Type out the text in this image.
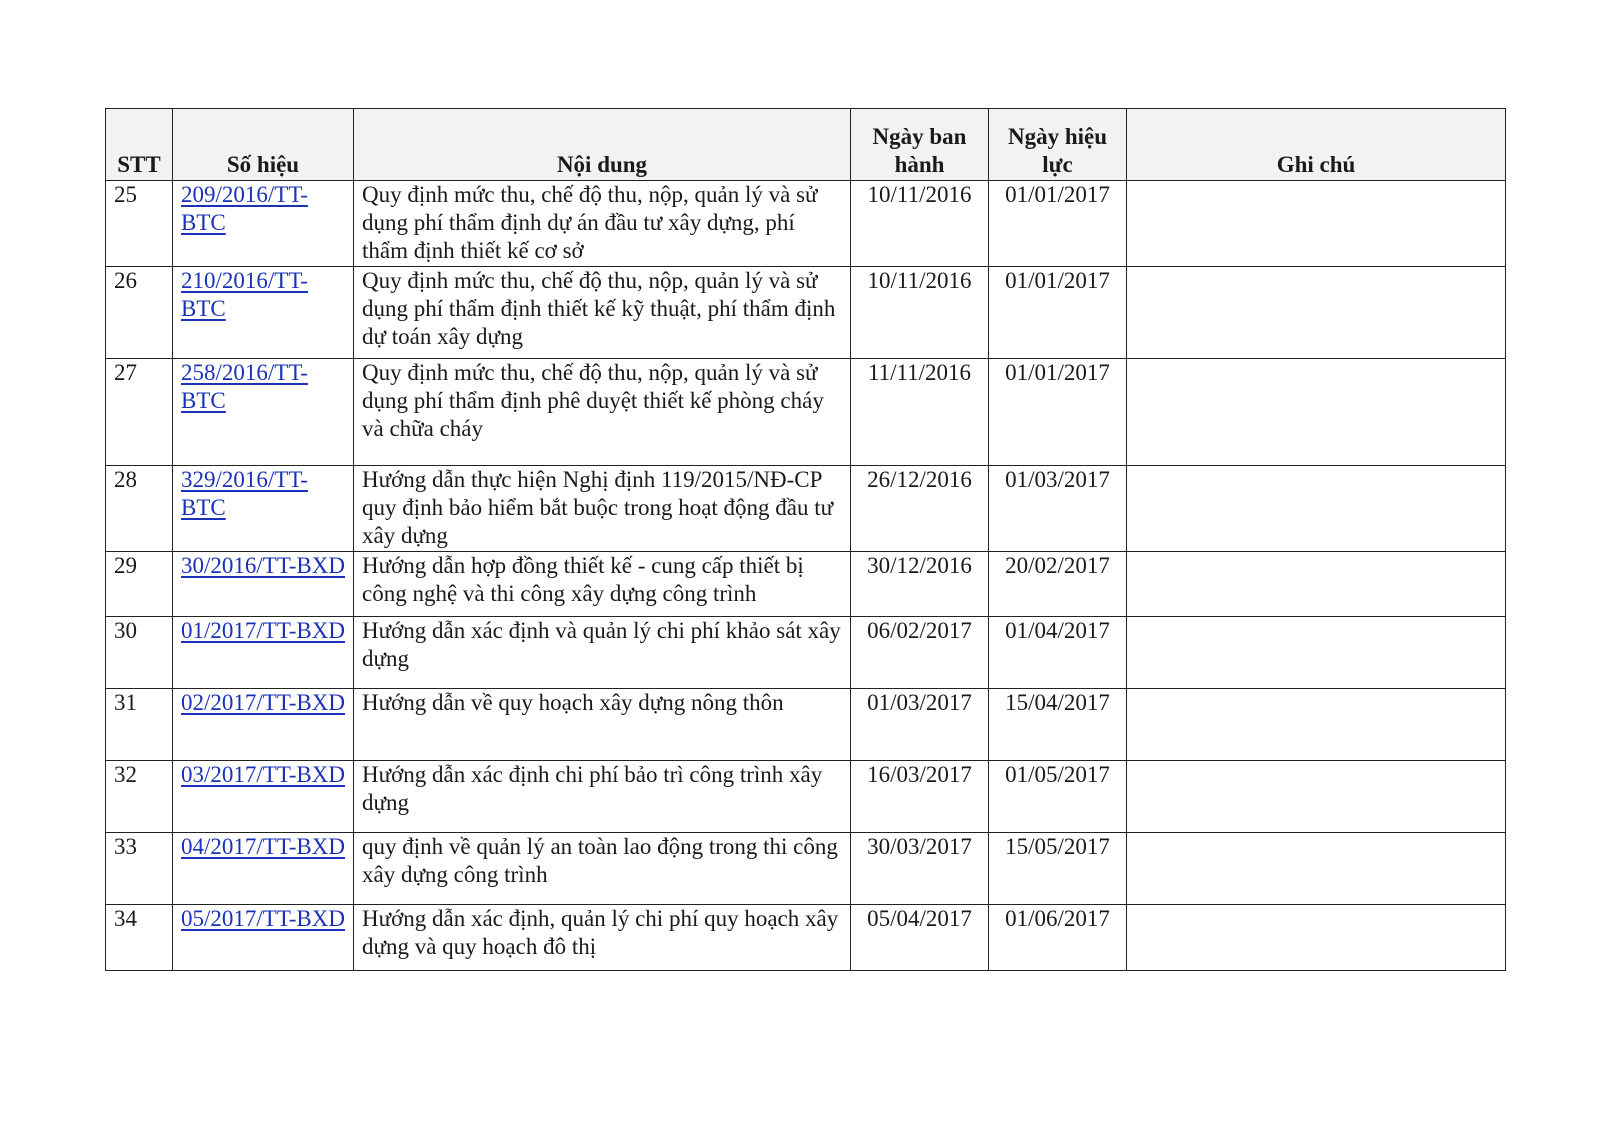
STT	Số hiệu	Nội dung	Ngày ban hành	Ngày hiệu lực	Ghi chú
25	209/2016/TT-BTC	Quy định mức thu, chế độ thu, nộp, quản lý và sử dụng phí thẩm định dự án đầu tư xây dựng, phí thẩm định thiết kế cơ sở	10/11/2016	01/01/2017	
26	210/2016/TT-BTC	Quy định mức thu, chế độ thu, nộp, quản lý và sử dụng phí thẩm định thiết kế kỹ thuật, phí thẩm định dự toán xây dựng	10/11/2016	01/01/2017	
27	258/2016/TT-BTC	Quy định mức thu, chế độ thu, nộp, quản lý và sử dụng phí thẩm định phê duyệt thiết kế phòng cháy và chữa cháy	11/11/2016	01/01/2017	
28	329/2016/TT-BTC	Hướng dẫn thực hiện Nghị định 119/2015/NĐ-CP quy định bảo hiểm bắt buộc trong hoạt động đầu tư xây dựng	26/12/2016	01/03/2017	
29	30/2016/TT-BXD	Hướng dẫn hợp đồng thiết kế - cung cấp thiết bị công nghệ và thi công xây dựng công trình	30/12/2016	20/02/2017	
30	01/2017/TT-BXD	Hướng dẫn xác định và quản lý chi phí khảo sát xây dựng	06/02/2017	01/04/2017	
31	02/2017/TT-BXD	Hướng dẫn về quy hoạch xây dựng nông thôn	01/03/2017	15/04/2017	
32	03/2017/TT-BXD	Hướng dẫn xác định chi phí bảo trì công trình xây dựng	16/03/2017	01/05/2017	
33	04/2017/TT-BXD	quy định về quản lý an toàn lao động trong thi công xây dựng công trình	30/03/2017	15/05/2017	
34	05/2017/TT-BXD	Hướng dẫn xác định, quản lý chi phí quy hoạch xây dựng và quy hoạch đô thị	05/04/2017	01/06/2017	
